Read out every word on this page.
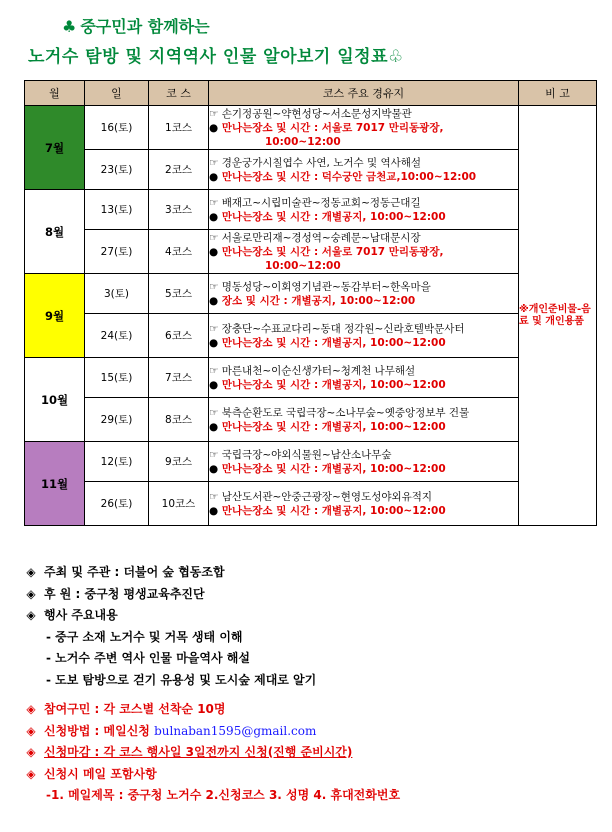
♣ 중구민과 함께하는
노거수 탐방 및 지역역사 인물 알아보기 일정표♧
월	일	코 스	코스 주요 경유지	비 고
7월	16(토)	1코스	☞ 손기정공원~약현성당~서소문성지박물관
● 만나는장소 및 시간 : 서울로 7017 만리동광장,
10:00~12:00	※개인준비물-음료 및 개인용품
	23(토)	2코스	☞ 경운궁가시칠엽수 사연, 노거수 및 역사해설
● 만나는장소 및 시간 : 덕수궁안 금천교,10:00~12:00	

8월	13(토)	3코스	☞ 배재고~시립미술관~정동교회~정동근대길
● 만나는장소 및 시간 : 개별공지, 10:00~12:00	

	27(토)	4코스	☞ 서울로만리재~경성역~숭례문~남대문시장
● 만나는장소 및 시간 : 서울로 7017 만리동광장,
10:00~12:00	

9월	3(토)	5코스	☞ 명동성당~이회영기념관~동감부터~한옥마을
● 장소 및 시간 : 개별공지, 10:00~12:00	

	24(토)	6코스	☞ 장충단~수표교다리~동대 정각원~신라호텔박문사터
● 만나는장소 및 시간 : 개별공지, 10:00~12:00	

10월	15(토)	7코스	☞ 마른내천~이순신생가터~청계천 나무해설
● 만나는장소 및 시간 : 개별공지, 10:00~12:00	

	29(토)	8코스	☞ 북측순환도로 국립극장~소나무숲~옛중앙정보부 건물
● 만나는장소 및 시간 : 개별공지, 10:00~12:00	

11월	12(토)	9코스	☞ 국립극장~야외식물원~남산소나무숲
● 만나는장소 및 시간 : 개별공지, 10:00~12:00	

	26(토)	10코스	☞ 남산도서관~안중근광장~현영도성야외유적지
● 만나는장소 및 시간 : 개별공지, 10:00~12:00	
◈ 주최 및 주관 : 더불어 숲 협동조합
◈ 후 원 : 중구청 평생교육추진단
◈ 행사 주요내용
- 중구 소재 노거수 및 거목 생태 이해
- 노거수 주변 역사 인물 마을역사 해설
- 도보 탐방으로 걷기 유용성 및 도시숲 제대로 알기
◈ 참여구민 : 각 코스별 선착순 10명
◈ 신청방법 : 메일신청 bulnaban1595@gmail.com
◈ 신청마감 : 각 코스 행사일 3일전까지 신청(진행 준비시간)
◈ 신청시 메일 포함사항
-1. 메일제목 : 중구청 노거수 2.신청코스 3. 성명 4. 휴대전화번호
